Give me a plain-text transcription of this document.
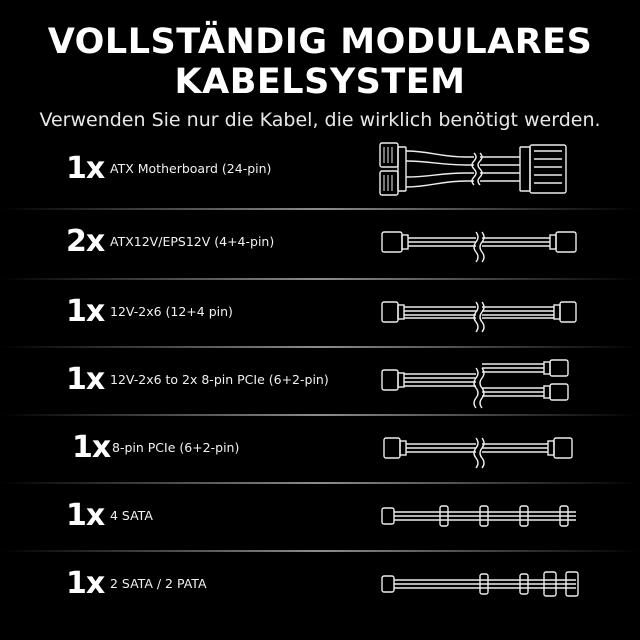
VOLLSTÄNDIG MODULARES
KABELSYSTEM
Verwenden Sie nur die Kabel, die wirklich benötigt werden.
1x ATX Motherboard (24-pin)
2x ATX12V/EPS12V (4+4-pin)
1x 12V-2x6 (12+4 pin)
1x 12V-2x6 to 2x 8-pin PCIe (6+2-pin)
1x 8-pin PCIe (6+2-pin)
1x 4 SATA
1x 2 SATA / 2 PATA
